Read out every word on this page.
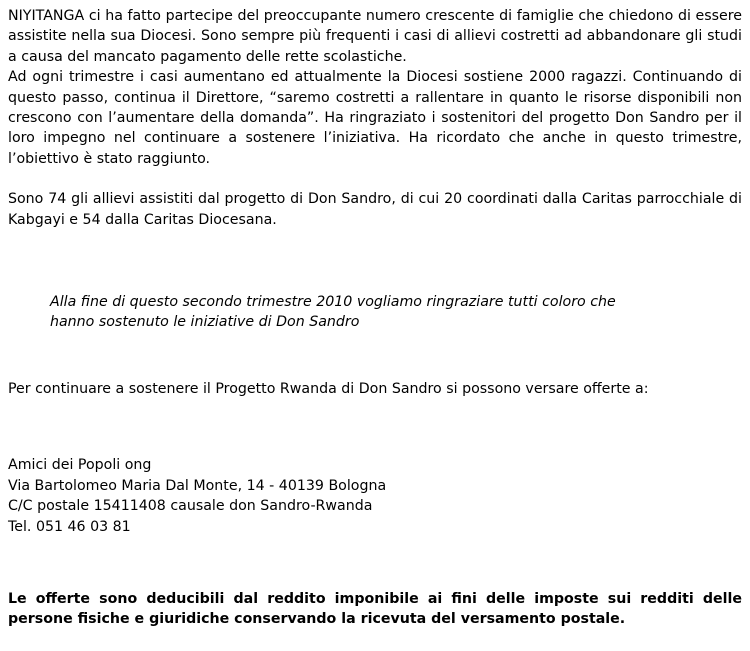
NIYITANGA ci ha fatto partecipe del preoccupante numero crescente di famiglie che chiedono di essere assistite nella sua Diocesi. Sono sempre più frequenti i casi di allievi costretti ad abbandonare gli studi a causa del mancato pagamento delle rette scolastiche.

Ad ogni trimestre i casi aumentano ed attualmente la Diocesi sostiene 2000 ragazzi. Continuando di questo passo, continua il Direttore, “saremo costretti a rallentare in quanto le risorse disponibili non crescono con l’aumentare della domanda”. Ha ringraziato i sostenitori del progetto Don Sandro per il loro impegno nel continuare a sostenere l’iniziativa. Ha ricordato che anche in questo trimestre, l’obiettivo è stato raggiunto.

Sono 74 gli allievi assistiti dal progetto di Don Sandro, di cui 20 coordinati dalla Caritas parrocchiale di Kabgayi e 54 dalla Caritas Diocesana.

Alla fine di questo secondo trimestre 2010 vogliamo ringraziare tutti coloro che
hanno sostenuto le iniziative di Don Sandro

Per continuare a sostenere il Progetto Rwanda di Don Sandro si possono versare offerte a:

Amici dei Popoli ong
Via Bartolomeo Maria Dal Monte, 14 - 40139 Bologna
C/C postale 15411408 causale don Sandro-Rwanda
Tel. 051 46 03 81

Le offerte sono deducibili dal reddito imponibile ai fini delle imposte sui redditi delle persone fisiche e giuridiche conservando la ricevuta del versamento postale.
